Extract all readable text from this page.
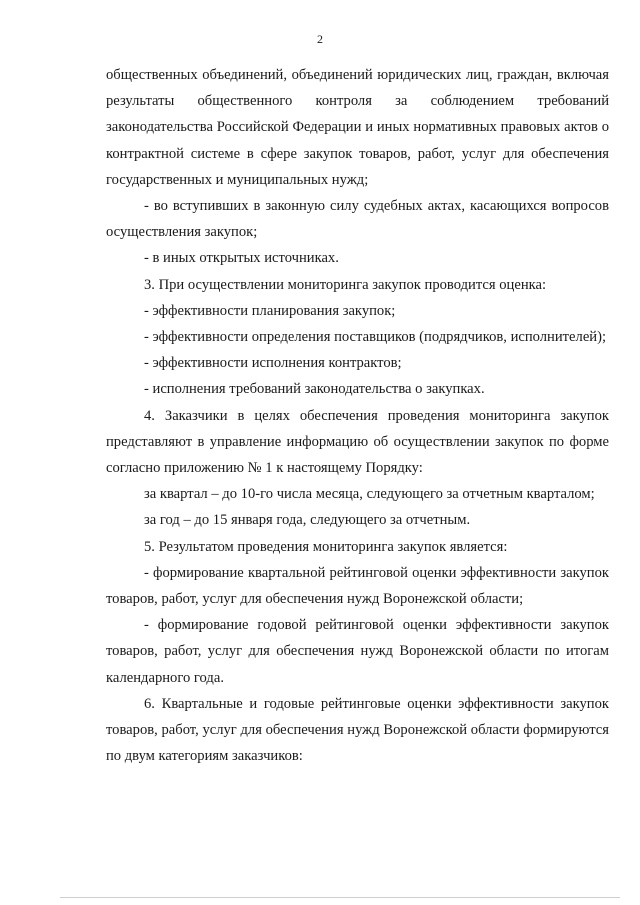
2

общественных объединений, объединений юридических лиц, граждан, включая результаты общественного контроля за соблюдением требований законодательства Российской Федерации и иных нормативных правовых актов о контрактной системе в сфере закупок товаров, работ, услуг для обеспечения государственных и муниципальных нужд;

- во вступивших в законную силу судебных актах, касающихся вопросов осуществления закупок;

- в иных открытых источниках.

3. При осуществлении мониторинга закупок проводится оценка:

- эффективности планирования закупок;

- эффективности определения поставщиков (подрядчиков, исполнителей);

- эффективности исполнения контрактов;

- исполнения требований законодательства о закупках.

4. Заказчики в целях обеспечения проведения мониторинга закупок представляют в управление информацию об осуществлении закупок по форме согласно приложению № 1 к настоящему Порядку:

за квартал – до 10-го числа месяца, следующего за отчетным кварталом;

за год – до 15 января года, следующего за отчетным.

5. Результатом проведения мониторинга закупок является:

- формирование квартальной рейтинговой оценки эффективности закупок товаров, работ, услуг для обеспечения нужд Воронежской области;

- формирование годовой рейтинговой оценки эффективности закупок товаров, работ, услуг для обеспечения нужд Воронежской области по итогам календарного года.

6. Квартальные и годовые рейтинговые оценки эффективности закупок товаров, работ, услуг для обеспечения нужд Воронежской области формируются по двум категориям заказчиков:
